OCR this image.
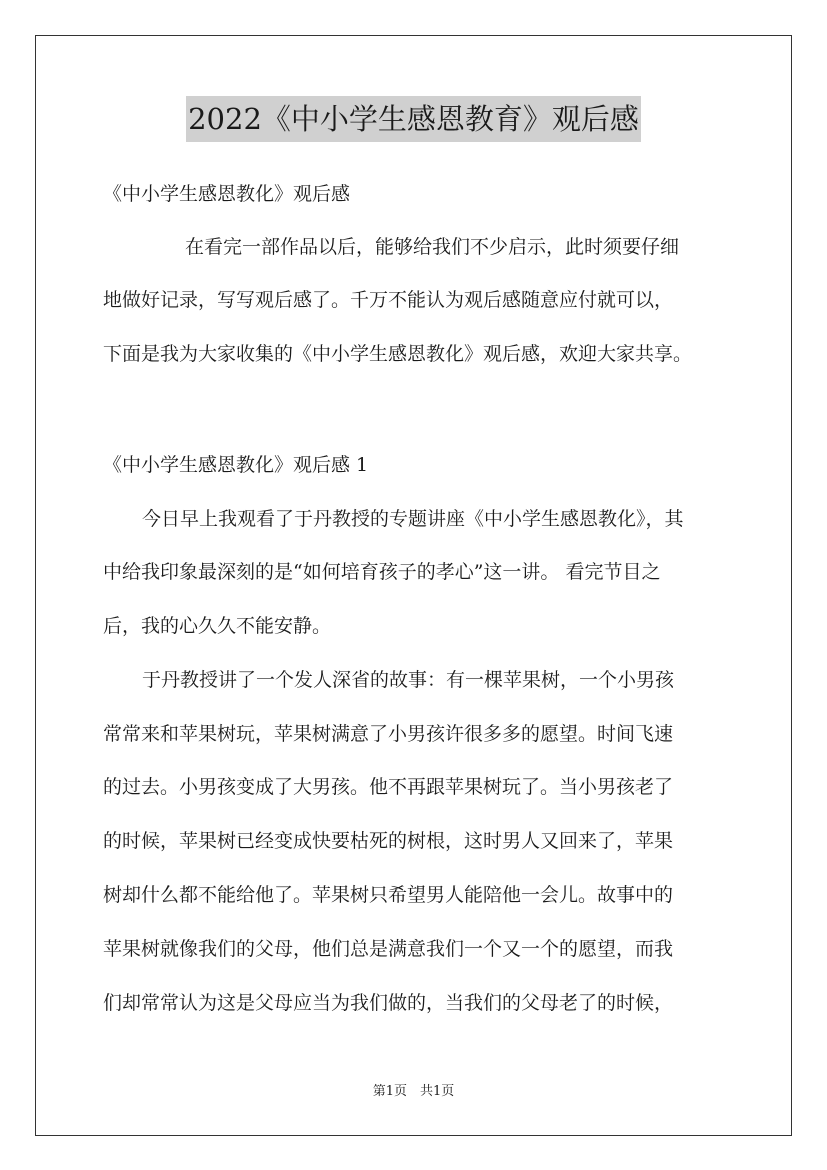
2022《中小学生感恩教育》观后感
《中小学生感恩教化》观后感
在看完一部作品以后，能够给我们不少启示，此时须要仔细
地做好记录，写写观后感了。千万不能认为观后感随意应付就可以，
下面是我为大家收集的《中小学生感恩教化》观后感，欢迎大家共享。
《中小学生感恩教化》观后感 1
今日早上我观看了于丹教授的专题讲座《中小学生感恩教化》，其
中给我印象最深刻的是“如何培育孩子的孝心”这一讲。 看完节目之
后，我的心久久不能安静。
于丹教授讲了一个发人深省的故事：有一棵苹果树，一个小男孩
常常来和苹果树玩，苹果树满意了小男孩许很多多的愿望。时间飞速
的过去。小男孩变成了大男孩。他不再跟苹果树玩了。当小男孩老了
的时候，苹果树已经变成快要枯死的树根，这时男人又回来了，苹果
树却什么都不能给他了。苹果树只希望男人能陪他一会儿。故事中的
苹果树就像我们的父母，他们总是满意我们一个又一个的愿望，而我
们却常常认为这是父母应当为我们做的，当我们的父母老了的时候，
第1页　共1页
